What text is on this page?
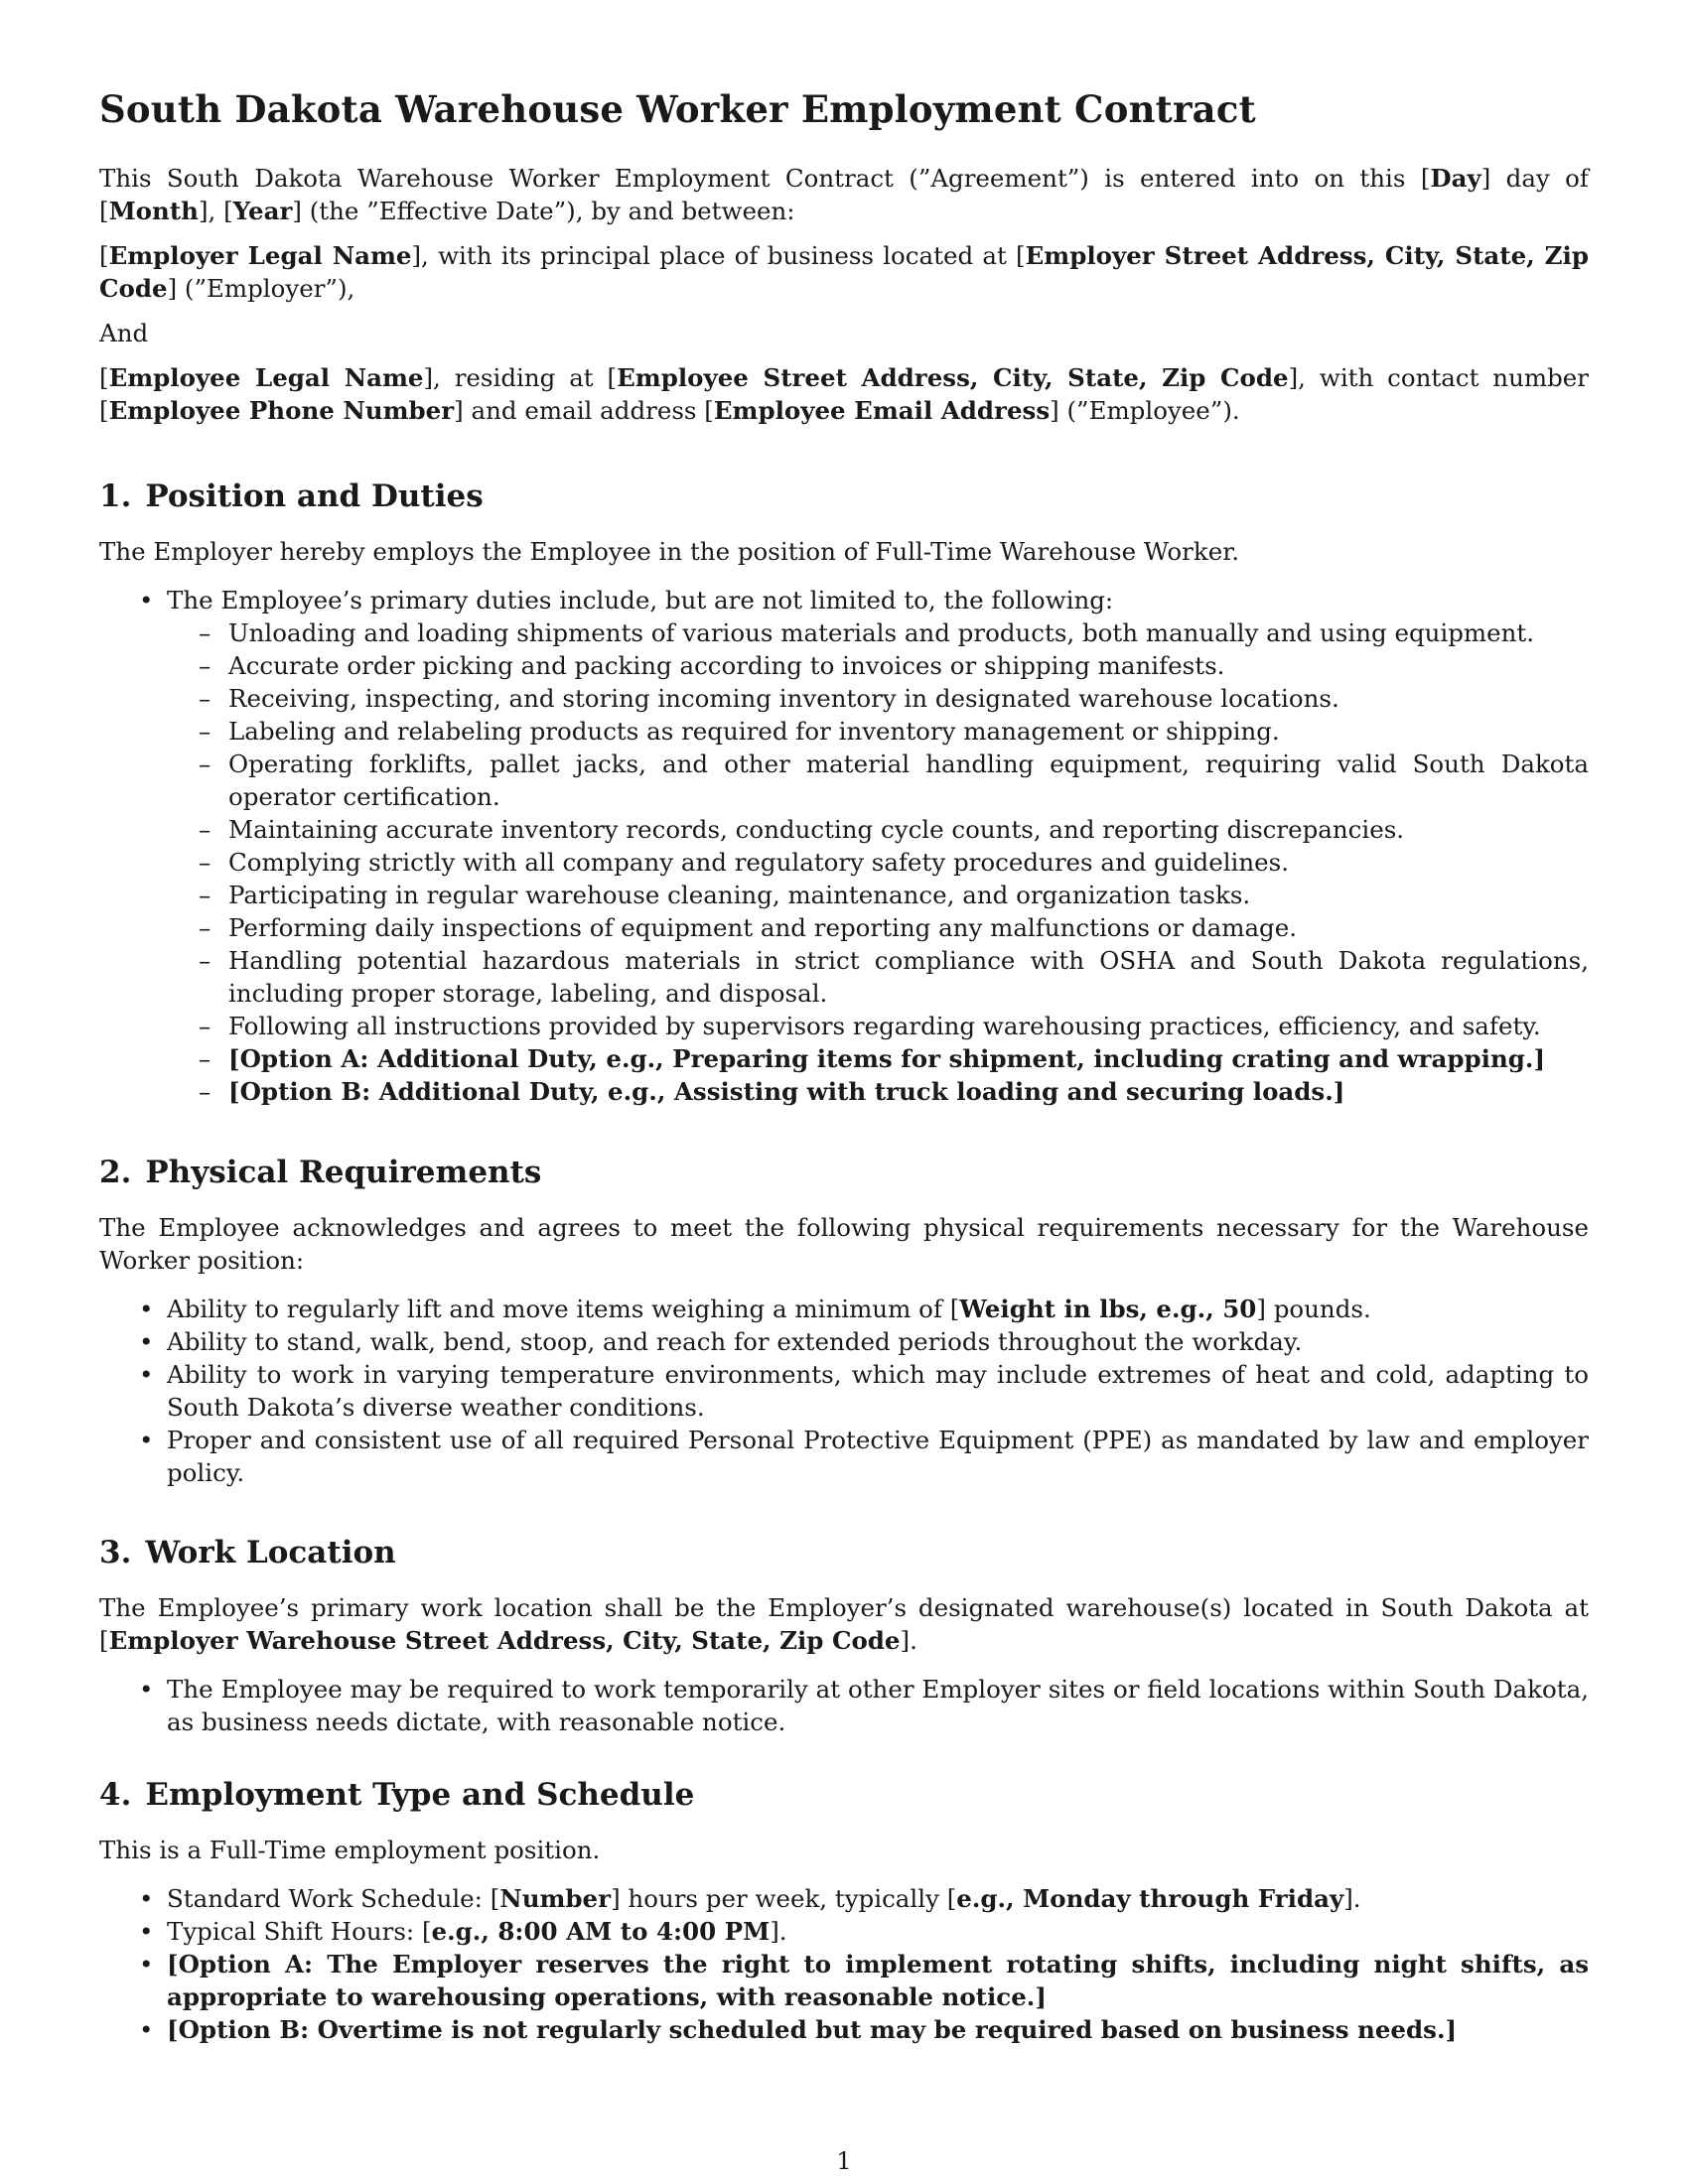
South Dakota Warehouse Worker Employment Contract

This South Dakota Warehouse Worker Employment Contract (”Agreement”) is entered into on this [Day] day of [Month], [Year] (the ”Effective Date”), by and between:

[Employer Legal Name], with its principal place of business located at [Employer Street Address, City, State, Zip Code] (”Employer”),

And

[Employee Legal Name], residing at [Employee Street Address, City, State, Zip Code], with contact number [Employee Phone Number] and email address [Employee Email Address] (”Employee”).

1. Position and Duties

The Employer hereby employs the Employee in the position of Full-Time Warehouse Worker.

• The Employee’s primary duties include, but are not limited to, the following:
– Unloading and loading shipments of various materials and products, both manually and using equipment.
– Accurate order picking and packing according to invoices or shipping manifests.
– Receiving, inspecting, and storing incoming inventory in designated warehouse locations.
– Labeling and relabeling products as required for inventory management or shipping.
– Operating forklifts, pallet jacks, and other material handling equipment, requiring valid South Dakota operator certification.
– Maintaining accurate inventory records, conducting cycle counts, and reporting discrepancies.
– Complying strictly with all company and regulatory safety procedures and guidelines.
– Participating in regular warehouse cleaning, maintenance, and organization tasks.
– Performing daily inspections of equipment and reporting any malfunctions or damage.
– Handling potential hazardous materials in strict compliance with OSHA and South Dakota regulations, including proper storage, labeling, and disposal.
– Following all instructions provided by supervisors regarding warehousing practices, efficiency, and safety.
– [Option A: Additional Duty, e.g., Preparing items for shipment, including crating and wrapping.]
– [Option B: Additional Duty, e.g., Assisting with truck loading and securing loads.]
2. Physical Requirements

The Employee acknowledges and agrees to meet the following physical requirements necessary for the Warehouse Worker position:

• Ability to regularly lift and move items weighing a minimum of [Weight in lbs, e.g., 50] pounds.
• Ability to stand, walk, bend, stoop, and reach for extended periods throughout the workday.
• Ability to work in varying temperature environments, which may include extremes of heat and cold, adapting to South Dakota’s diverse weather conditions.
• Proper and consistent use of all required Personal Protective Equipment (PPE) as mandated by law and employer policy.
3. Work Location

The Employee’s primary work location shall be the Employer’s designated warehouse(s) located in South Dakota at [Employer Warehouse Street Address, City, State, Zip Code].

• The Employee may be required to work temporarily at other Employer sites or field locations within South Dakota, as business needs dictate, with reasonable notice.
4. Employment Type and Schedule

This is a Full-Time employment position.

• Standard Work Schedule: [Number] hours per week, typically [e.g., Monday through Friday].
• Typical Shift Hours: [e.g., 8:00 AM to 4:00 PM].
• [Option A: The Employer reserves the right to implement rotating shifts, including night shifts, as appropriate to warehousing operations, with reasonable notice.]
• [Option B: Overtime is not regularly scheduled but may be required based on business needs.]
1
